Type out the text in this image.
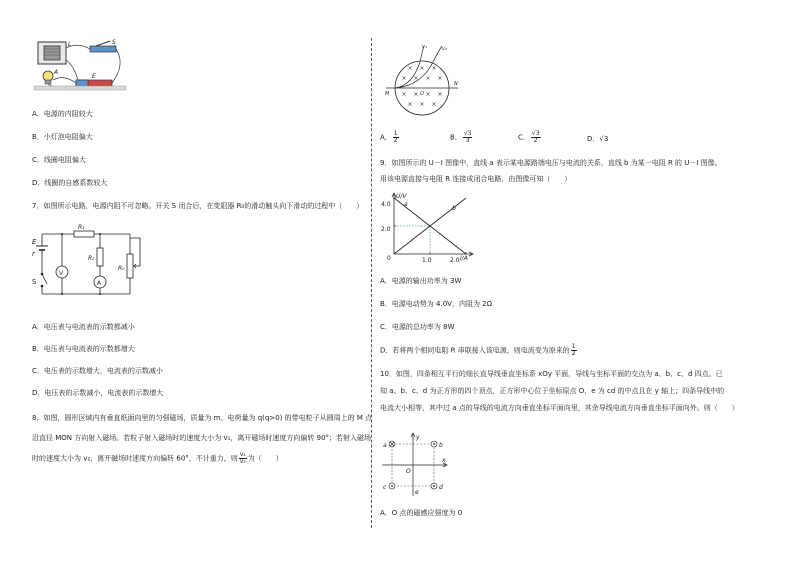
L	S
A
E
A．电源的内阻较大
B．小灯泡电阻偏大
C．线圈电阻偏大
D．线圈的自感系数较大
7．如图所示电路，电源内阻不可忽略。开关 S 闭合后，在变阻器 R₀的滑动触头向下滑动的过程中（　　）
E
r
S
V
A
R₁
R₂
R₀
A．电压表与电流表的示数都减小
B．电压表与电流表的示数都增大
C．电压表的示数增大，电流表的示数减小
D．电压表的示数减小，电流表的示数增大
8．如图，圆形区域内有垂直纸面向里的匀强磁场，质量为 m、电荷量为 q(q>0) 的带电粒子从圆周上的 M 点
沿直径 MON 方向射入磁场。若粒子射入磁场时的速度大小为 v₁，离开磁场时速度方向偏转 90°；若射入磁场
时的速度大小为 v₂，离开磁场时速度方向偏转 60°，不计重力，则 $\frac{\text{v₁}}{\text{v₂}}$ 为（　　）
× × ×
× × × ×
× × × ×
× × ×
v₁	v₂
M	O
N
A． $\frac{1}{2}$	B． $\frac{√3}{3}$	C． $\frac{√3}{2}$	D．√3
9．如图所示的 U－I 图像中，直线 a 表示某电源路端电压与电流的关系，直线 b 为某一电阻 R 的 U－I 图像。
用该电源直接与电阻 R 连接成闭合电路，由图像可知（　　）
U/V
I/A
0
4.0
2.0
1.0	2.0
a
b
A．电源的输出功率为 3W
B．电源电动势为 4.0V，内阻为 2Ω
C．电源的总功率为 8W
D．若将两个相同电阻 R 串联接入该电源，则电流变为原来的 $\frac{1}{2}$
10．如图，四条相互平行的细长直导线垂直坐标系 xOy 平面，导线与坐标平面的交点为 a、b、c、d 四点。已
知 a、b、c、d 为正方形的四个顶点，正方形中心位于坐标原点 O，e 为 cd 的中点且在 y 轴上；四条导线中的
电流大小相等，其中过 a 点的导线的电流方向垂直坐标平面向里，其余导线电流方向垂直坐标平面向外。则（　　）
a	b
c	d
O
e
x
y
A．O 点的磁感应强度为 0
